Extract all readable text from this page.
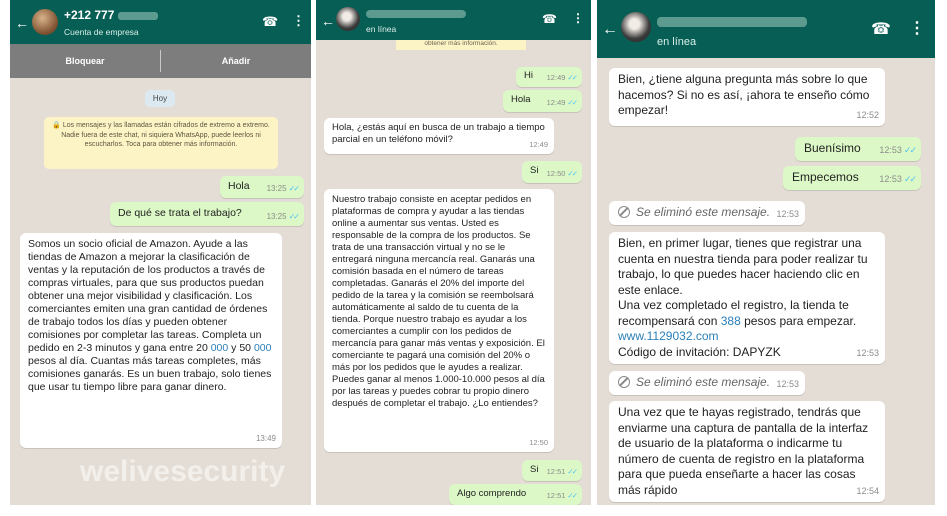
←	+212 777
Cuenta de empresa
☎ ⋮
Bloquear	Añadir
Hoy
🔒 Los mensajes y las llamadas están cifrados de extremo a extremo. Nadie fuera de este chat, ni siquiera WhatsApp, puede leerlos ni escucharlos. Toca para obtener más información.
Hola 13:25 ✓✓
De qué se trata el trabajo?	13:25 ✓✓
Somos un socio oficial de Amazon. Ayude a las tiendas de Amazon a mejorar la clasificación de ventas y la reputación de los productos a través de compras virtuales, para que sus productos puedan obtener una mejor visibilidad y clasificación. Los comerciantes emiten una gran cantidad de órdenes de trabajo todos los días y pueden obtener comisiones por completar las tareas. Completa un pedido en 2-3 minutos y gana entre 20 000 y 50 000 pesos al día. Cuantas más tareas completes, más comisiones ganarás. Es un buen trabajo, solo tienes que usar tu tiempo libre para ganar dinero.
13:49
welivesecurity
obtener más información.
←	en línea
☎ ⋮
Hi 12:49 ✓✓
Hola 12:49 ✓✓
Hola, ¿estás aquí en busca de un trabajo a tiempo parcial en un teléfono móvil?	12:49
Si 12:50 ✓✓
Nuestro trabajo consiste en aceptar pedidos en plataformas de compra y ayudar a las tiendas online a aumentar sus ventas. Usted es responsable de la compra de los productos. Se trata de una transacción virtual y no se le entregará ninguna mercancía real. Ganarás una comisión basada en el número de tareas completadas. Ganarás el 20% del importe del pedido de la tarea y la comisión se reembolsará automáticamente al saldo de tu cuenta de la tienda. Porque nuestro trabajo es ayudar a los comerciantes a cumplir con los pedidos de mercancía para ganar más ventas y exposición. El comerciante te pagará una comisión del 20% o más por los pedidos que le ayudes a realizar. Puedes ganar al menos 1.000-10.000 pesos al día por las tareas y puedes cobrar tu propio dinero después de completar el trabajo. ¿Lo entiendes?
12:50
Si 12:51 ✓✓
Algo comprendo	12:51 ✓✓
←
en línea
☎ ⋮
Bien, ¿tiene alguna pregunta más sobre lo que hacemos? Si no es así, ¡ahora te enseño cómo empezar!	12:52
Buenísimo 12:53 ✓✓
Empecemos 12:53 ✓✓
Se eliminó este mensaje. 12:53
Bien, en primer lugar, tienes que registrar una cuenta en nuestra tienda para poder realizar tu trabajo, lo que puedes hacer haciendo clic en este enlace.
Una vez completado el registro, la tienda te recompensará con 388 pesos para empezar.
www.1129032.com
Código de invitación: DAPYZK	12:53
Se eliminó este mensaje. 12:53
Una vez que te hayas registrado, tendrás que enviarme una captura de pantalla de la interfaz de usuario de la plataforma o indicarme tu número de cuenta de registro en la plataforma para que pueda enseñarte a hacer las cosas más rápido	12:54
